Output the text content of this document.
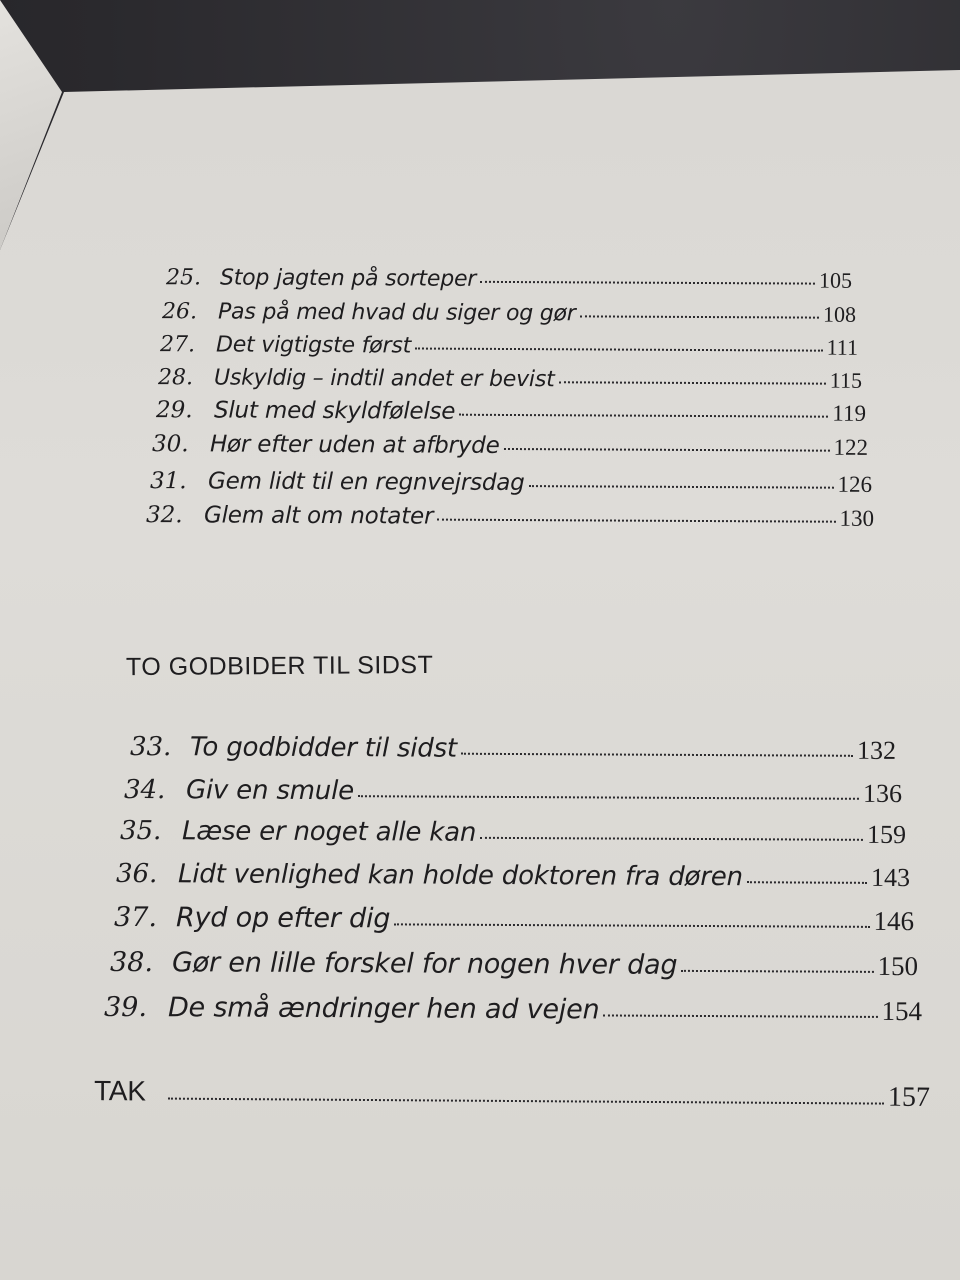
25. Stop jagten på sorteper	105
26. Pas på med hvad du siger og gør	108
27. Det vigtigste først	111
28. Uskyldig – indtil andet er bevist	115
29. Slut med skyldfølelse	119
30. Hør efter uden at afbryde	122
31. Gem lidt til en regnvejrsdag	126
32. Glem alt om notater	130
TO GODBIDER TIL SIDST
33. To godbidder til sidst	132
34. Giv en smule	136
35. Læse er noget alle kan	159
36. Lidt venlighed kan holde doktoren fra døren	143
37. Ryd op efter dig	146
38. Gør en lille forskel for nogen hver dag	150
39. De små ændringer hen ad vejen	154
TAK	157
